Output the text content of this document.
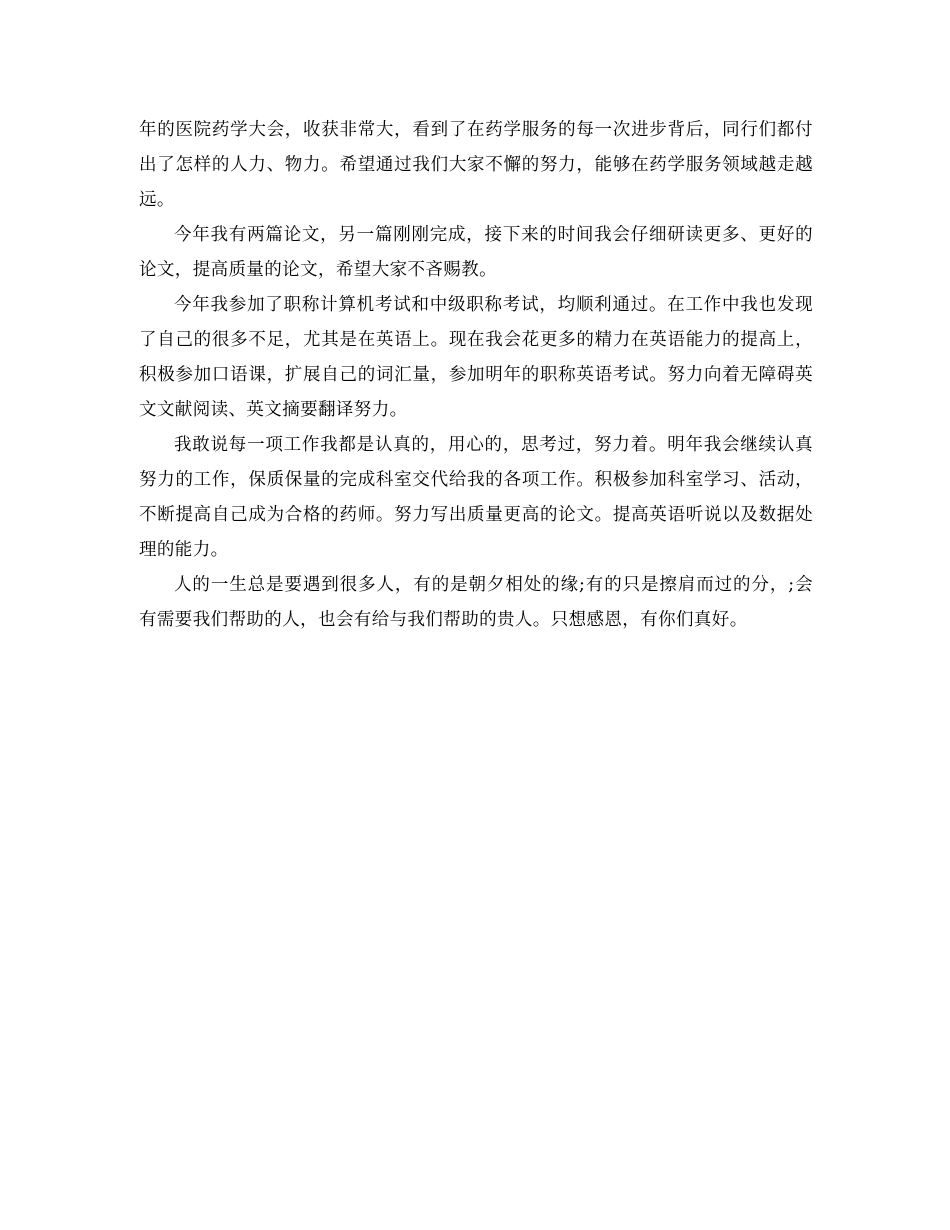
年的医院药学大会，收获非常大，看到了在药学服务的每一次进步背后，同行们都付出了怎样的人力、物力。希望通过我们大家不懈的努力，能够在药学服务领域越走越远。

今年我有两篇论文，另一篇刚刚完成，接下来的时间我会仔细研读更多、更好的论文，提高质量的论文，希望大家不吝赐教。

今年我参加了职称计算机考试和中级职称考试，均顺利通过。在工作中我也发现了自己的很多不足，尤其是在英语上。现在我会花更多的精力在英语能力的提高上，积极参加口语课，扩展自己的词汇量，参加明年的职称英语考试。努力向着无障碍英文文献阅读、英文摘要翻译努力。

我敢说每一项工作我都是认真的，用心的，思考过，努力着。明年我会继续认真努力的工作，保质保量的完成科室交代给我的各项工作。积极参加科室学习、活动，不断提高自己成为合格的药师。努力写出质量更高的论文。提高英语听说以及数据处理的能力。

人的一生总是要遇到很多人，有的是朝夕相处的缘;有的只是擦肩而过的分，;会有需要我们帮助的人，也会有给与我们帮助的贵人。只想感恩，有你们真好。
